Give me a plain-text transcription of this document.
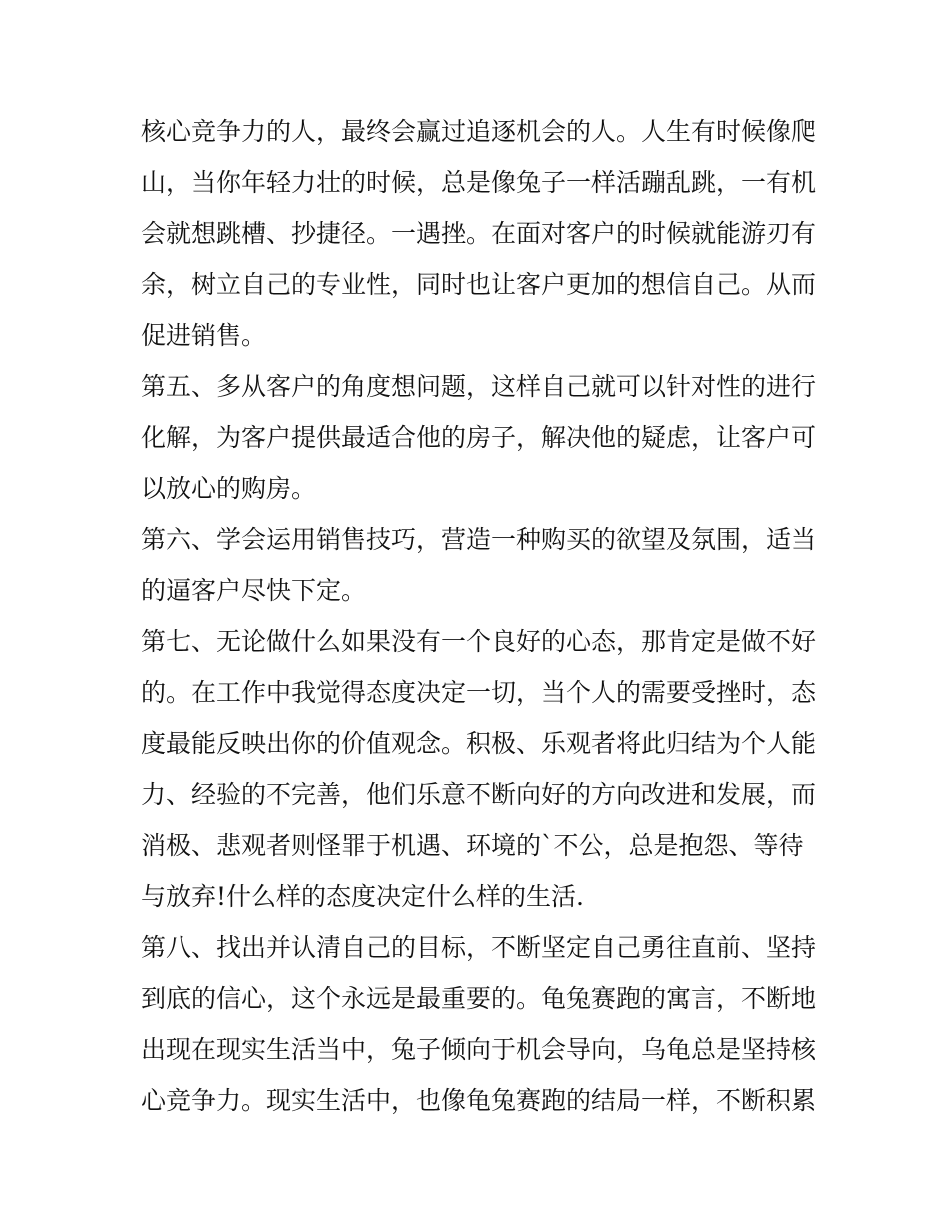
核心竞争力的人，最终会赢过追逐机会的人。人生有时候像爬
山，当你年轻力壮的时候，总是像兔子一样活蹦乱跳，一有机
会就想跳槽、抄捷径。一遇挫。在面对客户的时候就能游刃有
余，树立自己的专业性，同时也让客户更加的想信自己。从而
促进销售。
第五、多从客户的角度想问题，这样自己就可以针对性的进行
化解，为客户提供最适合他的房子，解决他的疑虑，让客户可
以放心的购房。
第六、学会运用销售技巧，营造一种购买的欲望及氛围，适当
的逼客户尽快下定。
第七、无论做什么如果没有一个良好的心态，那肯定是做不好
的。在工作中我觉得态度决定一切，当个人的需要受挫时，态
度最能反映出你的价值观念。积极、乐观者将此归结为个人能
力、经验的不完善，他们乐意不断向好的方向改进和发展，而
消极、悲观者则怪罪于机遇、环境的`不公，总是抱怨、等待
与放弃!什么样的态度决定什么样的生活.
第八、找出并认清自己的目标，不断坚定自己勇往直前、坚持
到底的信心，这个永远是最重要的。龟兔赛跑的寓言，不断地
出现在现实生活当中，兔子倾向于机会导向，乌龟总是坚持核
心竞争力。现实生活中，也像龟兔赛跑的结局一样，不断积累
